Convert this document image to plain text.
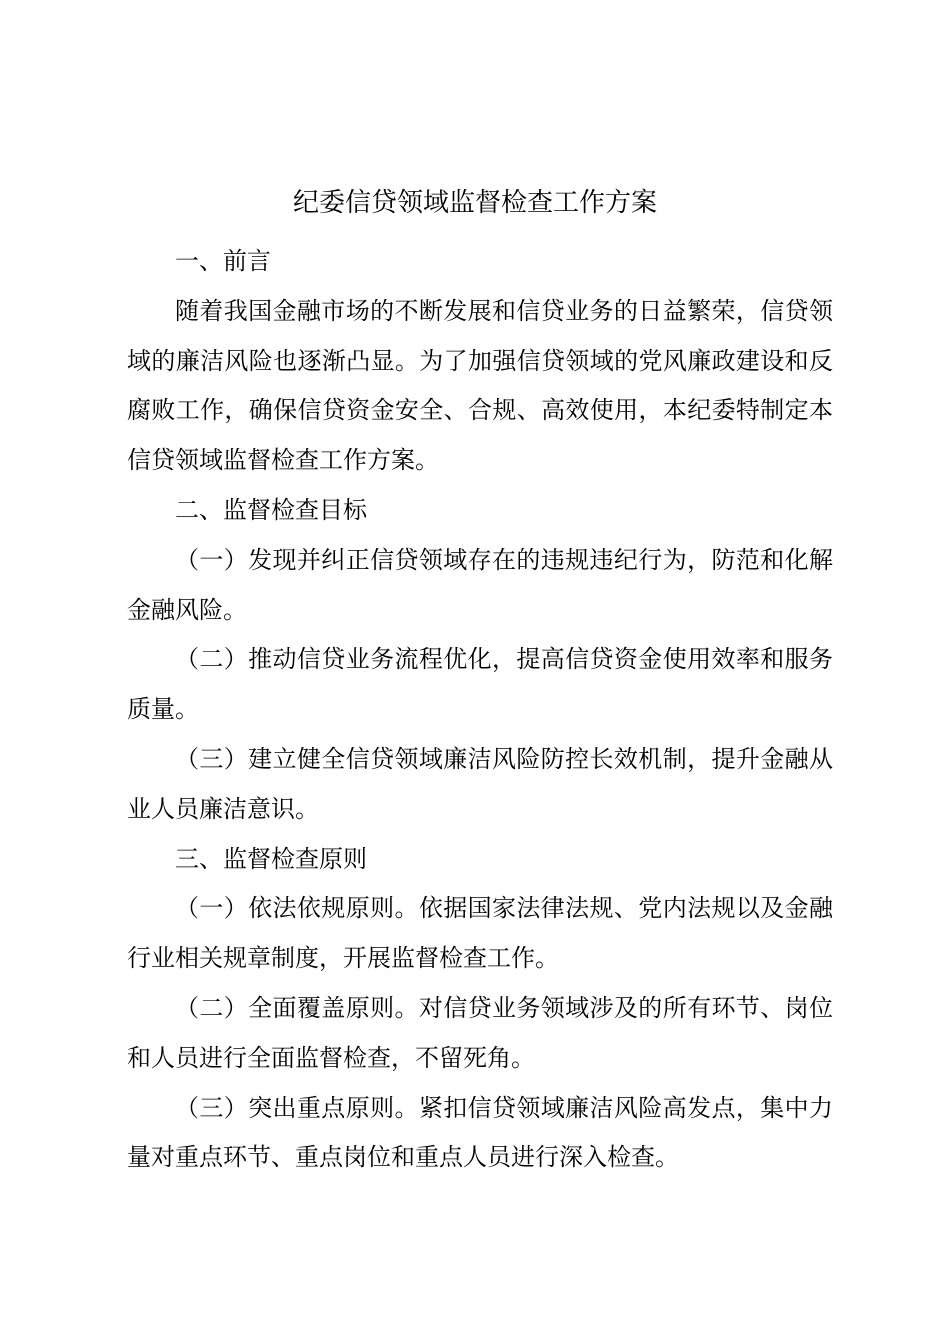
纪委信贷领域监督检查工作方案

一、前言

随着我国金融市场的不断发展和信贷业务的日益繁荣，信贷领域的廉洁风险也逐渐凸显。为了加强信贷领域的党风廉政建设和反腐败工作，确保信贷资金安全、合规、高效使用，本纪委特制定本信贷领域监督检查工作方案。

二、监督检查目标

（一）发现并纠正信贷领域存在的违规违纪行为，防范和化解金融风险。

（二）推动信贷业务流程优化，提高信贷资金使用效率和服务质量。

（三）建立健全信贷领域廉洁风险防控长效机制，提升金融从业人员廉洁意识。

三、监督检查原则

（一）依法依规原则。依据国家法律法规、党内法规以及金融行业相关规章制度，开展监督检查工作。

（二）全面覆盖原则。对信贷业务领域涉及的所有环节、岗位和人员进行全面监督检查，不留死角。

（三）突出重点原则。紧扣信贷领域廉洁风险高发点，集中力量对重点环节、重点岗位和重点人员进行深入检查。
